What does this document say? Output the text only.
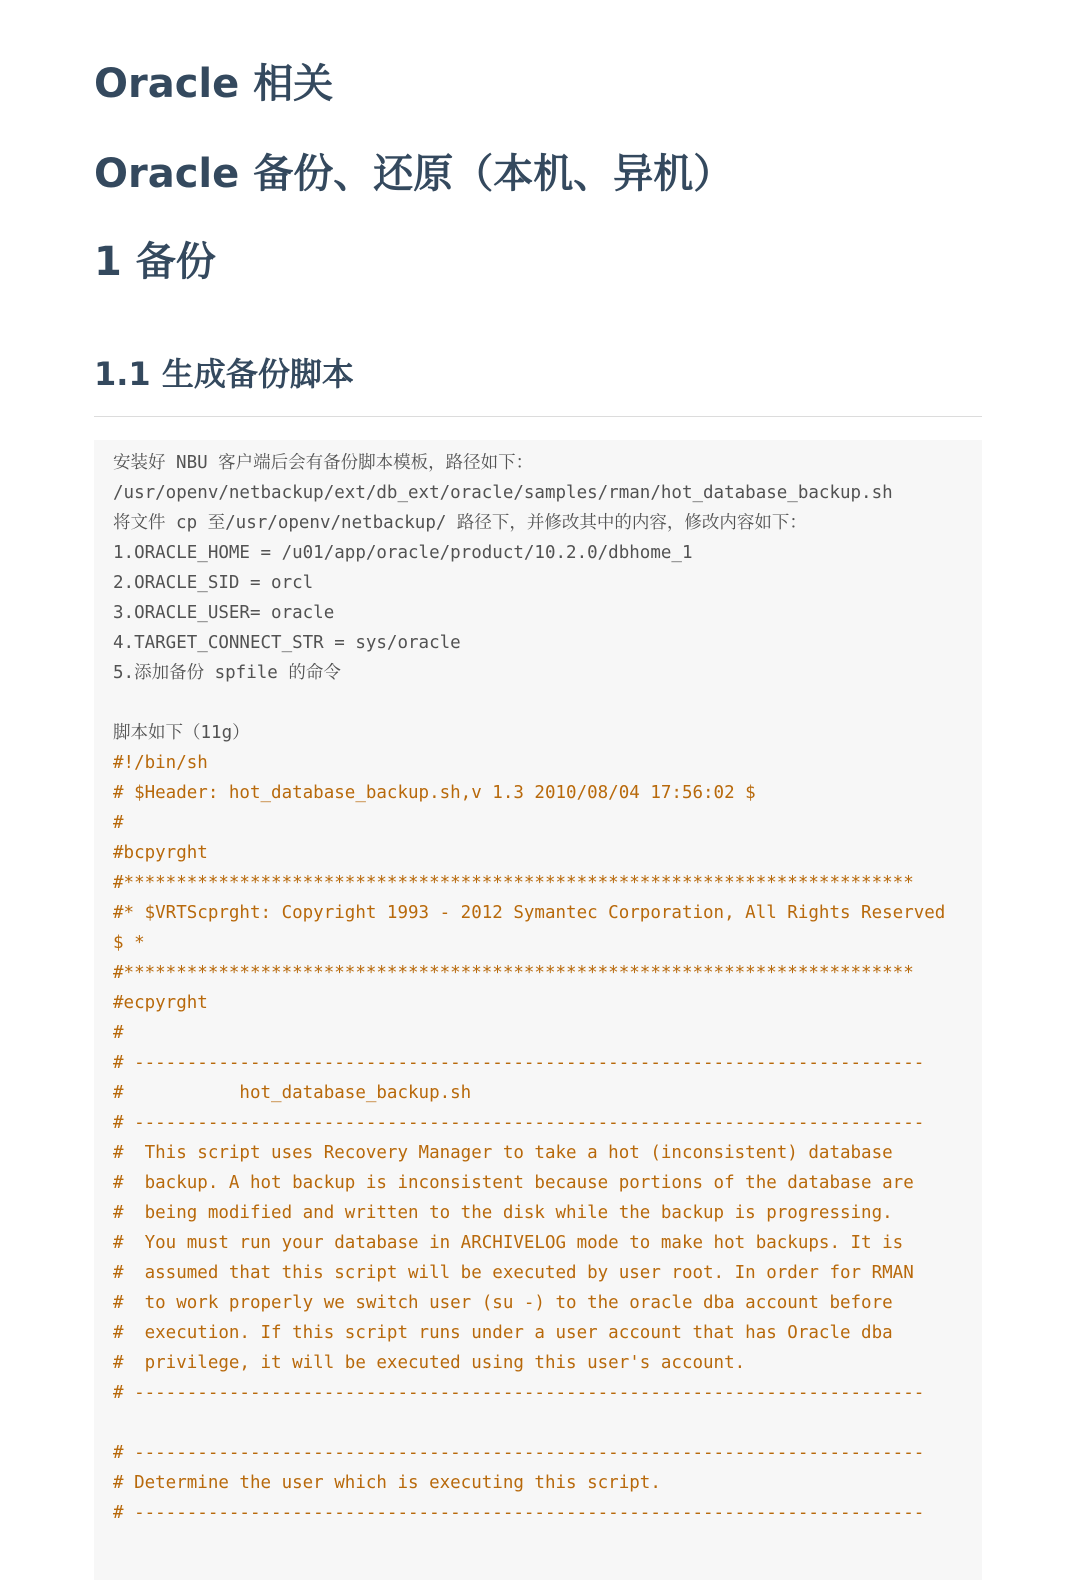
Oracle 相关
Oracle 备份、还原（本机、异机）
1 备份
1.1 生成备份脚本
安装好 NBU 客户端后会有备份脚本模板，路径如下：
/usr/openv/netbackup/ext/db_ext/oracle/samples/rman/hot_database_backup.sh
将文件 cp 至/usr/openv/netbackup/ 路径下，并修改其中的内容，修改内容如下：
1.ORACLE_HOME = /u01/app/oracle/product/10.2.0/dbhome_1
2.ORACLE_SID = orcl
3.ORACLE_USER= oracle
4.TARGET_CONNECT_STR = sys/oracle
5.添加备份 spfile 的命令
脚本如下（11g）
#!/bin/sh
# $Header: hot_database_backup.sh,v 1.3 2010/08/04 17:56:02 $
#
#bcpyrght
#***************************************************************************
#* $VRTScprght: Copyright 1993 - 2012 Symantec Corporation, All Rights Reserved
$ *
#***************************************************************************
#ecpyrght
#
# ---------------------------------------------------------------------------
#           hot_database_backup.sh
# ---------------------------------------------------------------------------
#  This script uses Recovery Manager to take a hot (inconsistent) database
#  backup. A hot backup is inconsistent because portions of the database are
#  being modified and written to the disk while the backup is progressing.
#  You must run your database in ARCHIVELOG mode to make hot backups. It is
#  assumed that this script will be executed by user root. In order for RMAN
#  to work properly we switch user (su -) to the oracle dba account before
#  execution. If this script runs under a user account that has Oracle dba
#  privilege, it will be executed using this user's account.
# ---------------------------------------------------------------------------
# ---------------------------------------------------------------------------
# Determine the user which is executing this script.
# ---------------------------------------------------------------------------
